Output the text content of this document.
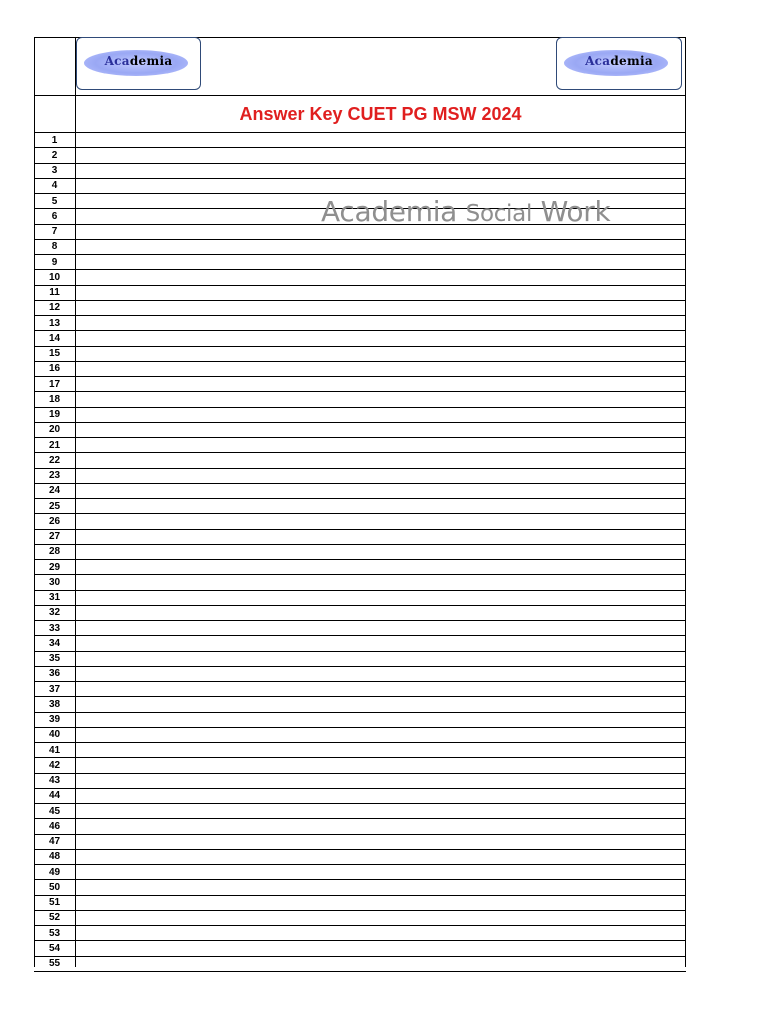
Academia	Academia
Answer Key CUET PG MSW 2024
1
2
3
4
5
6
7
8
9
10
11
12
13
14
15
16
17
18
19
20
21
22
23
24
25
26
27
28
29
30
31
32
33
34
35
36
37
38
39
40
41
42
43
44
45
46
47
48
49
50
51
52
53
54
55
Academia Social Work
